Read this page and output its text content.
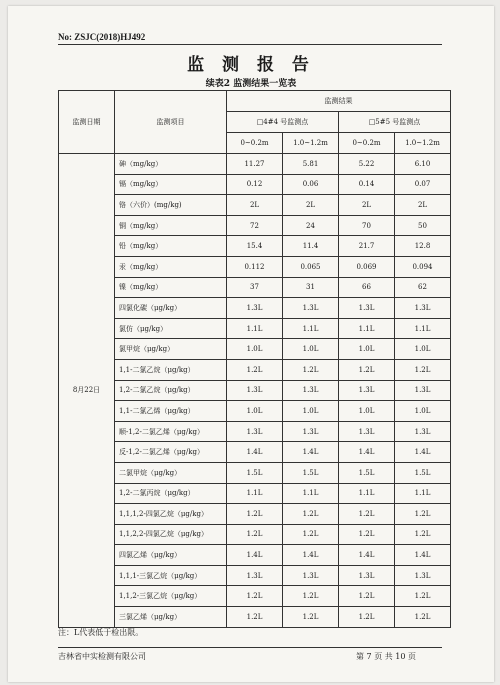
No: ZSJC(2018)HJ492
监 测 报 告
续表2 监测结果一览表
监测日期	监测项目	监测结果			
		□4#4 号监测点		□5#5 号监测点	
		0~0.2m	1.0~1.2m	0~0.2m	1.0~1.2m
8月22日	砷（mg/kg）	11.27	5.81	5.22	6.10
	镉（mg/kg）	0.12	0.06	0.14	0.07
	铬（六价）(mg/kg)	2L	2L	2L	2L
	铜（mg/kg）	72	24	70	50
	铅（mg/kg）	15.4	11.4	21.7	12.8
	汞（mg/kg）	0.112	0.065	0.069	0.094
	镍（mg/kg）	37	31	66	62
	四氯化碳（μg/kg）	1.3L	1.3L	1.3L	1.3L
	氯仿（μg/kg）	1.1L	1.1L	1.1L	1.1L
	氯甲烷（μg/kg）	1.0L	1.0L	1.0L	1.0L
	1,1-二氯乙烷（μg/kg）	1.2L	1.2L	1.2L	1.2L
	1,2-二氯乙烷（μg/kg）	1.3L	1.3L	1.3L	1.3L
	1,1-二氯乙烯（μg/kg）	1.0L	1.0L	1.0L	1.0L
	顺-1,2-二氯乙烯（μg/kg）	1.3L	1.3L	1.3L	1.3L
	反-1,2-二氯乙烯（μg/kg）	1.4L	1.4L	1.4L	1.4L
	二氯甲烷（μg/kg）	1.5L	1.5L	1.5L	1.5L
	1,2-二氯丙烷（μg/kg）	1.1L	1.1L	1.1L	1.1L
	1,1,1,2-四氯乙烷（μg/kg）	1.2L	1.2L	1.2L	1.2L
	1,1,2,2-四氯乙烷（μg/kg）	1.2L	1.2L	1.2L	1.2L
	四氯乙烯（μg/kg）	1.4L	1.4L	1.4L	1.4L
	1,1,1-三氯乙烷（μg/kg）	1.3L	1.3L	1.3L	1.3L
	1,1,2-三氯乙烷（μg/kg）	1.2L	1.2L	1.2L	1.2L
	三氯乙烯（μg/kg）	1.2L	1.2L	1.2L	1.2L
注：L代表低于检出限。
吉林省中实检测有限公司	第 7 页 共 10 页
